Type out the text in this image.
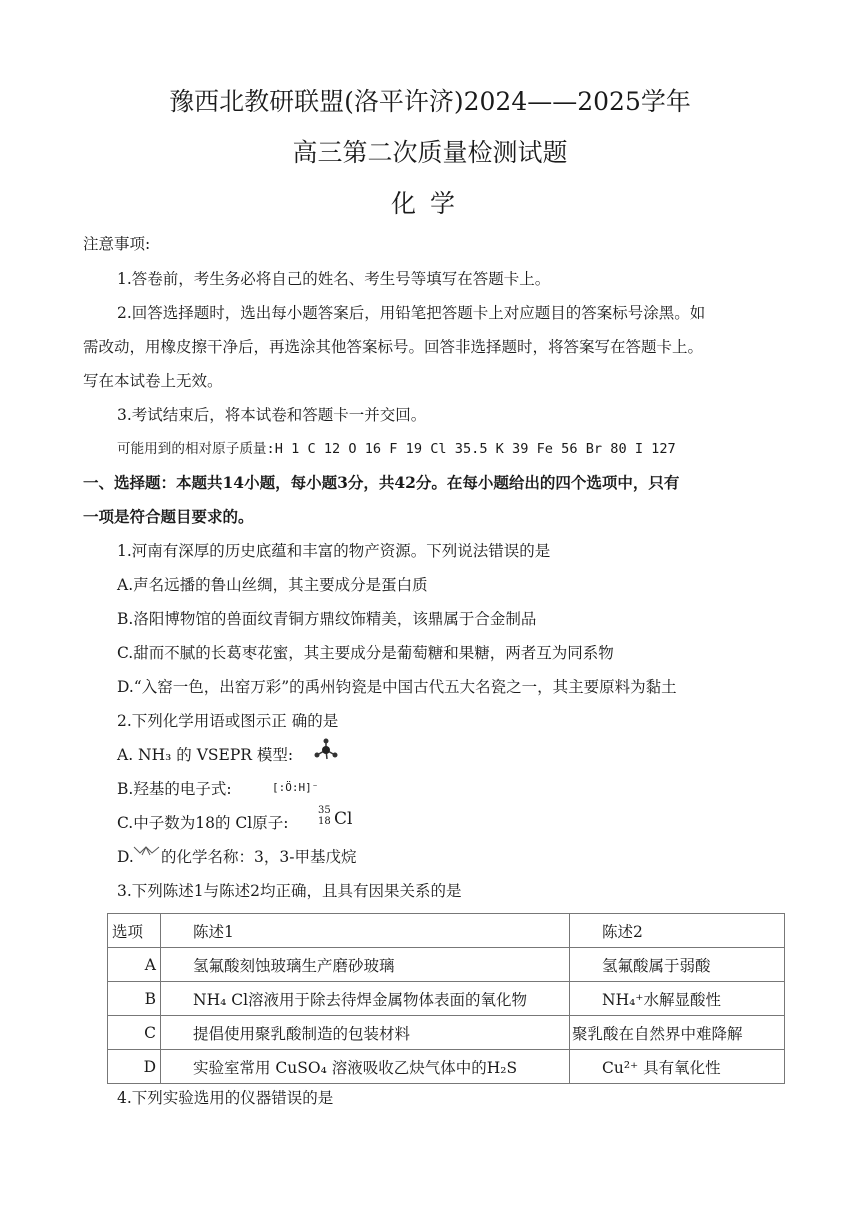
豫西北教研联盟(洛平许济)2024——2025学年
高三第二次质量检测试题
化学
注意事项:
1.答卷前，考生务必将自己的姓名、考生号等填写在答题卡上。
2.回答选择题时，选出每小题答案后，用铅笔把答题卡上对应题目的答案标号涂黑。如
需改动，用橡皮擦干净后，再选涂其他答案标号。回答非选择题时，将答案写在答题卡上。
写在本试卷上无效。
3.考试结束后，将本试卷和答题卡一并交回。
可能用到的相对原子质量:H 1 C 12 O 16 F 19 Cl 35.5 K 39 Fe 56 Br 80 I 127
一、选择题：本题共14小题，每小题3分，共42分。在每小题给出的四个选项中，只有
一项是符合题目要求的。
1.河南有深厚的历史底蕴和丰富的物产资源。下列说法错误的是
A.声名远播的鲁山丝绸，其主要成分是蛋白质
B.洛阳博物馆的兽面纹青铜方鼎纹饰精美，该鼎属于合金制品
C.甜而不腻的长葛枣花蜜，其主要成分是葡萄糖和果糖，两者互为同系物
D.“入窑一色，出窑万彩”的禹州钧瓷是中国古代五大名瓷之一，其主要原料为黏土
2.下列化学用语或图示正 确的是
A. NH₃ 的 VSEPR 模型:
B.羟基的电子式:	[:Ö:H]⁻
C.中子数为18的 Cl原子:
35
18 Cl
D. 的化学名称：3，3-甲基戊烷
3.下列陈述1与陈述2均正确，且具有因果关系的是
选项	陈述1	陈述2
A	氢氟酸刻蚀玻璃生产磨砂玻璃	氢氟酸属于弱酸
B	NH₄ Cl溶液用于除去待焊金属物体表面的氧化物	NH₄⁺水解显酸性
C	提倡使用聚乳酸制造的包装材料	聚乳酸在自然界中难降解
D	实验室常用 CuSO₄ 溶液吸收乙炔气体中的H₂S	Cu²⁺ 具有氧化性
4.下列实验选用的仪器错误的是
